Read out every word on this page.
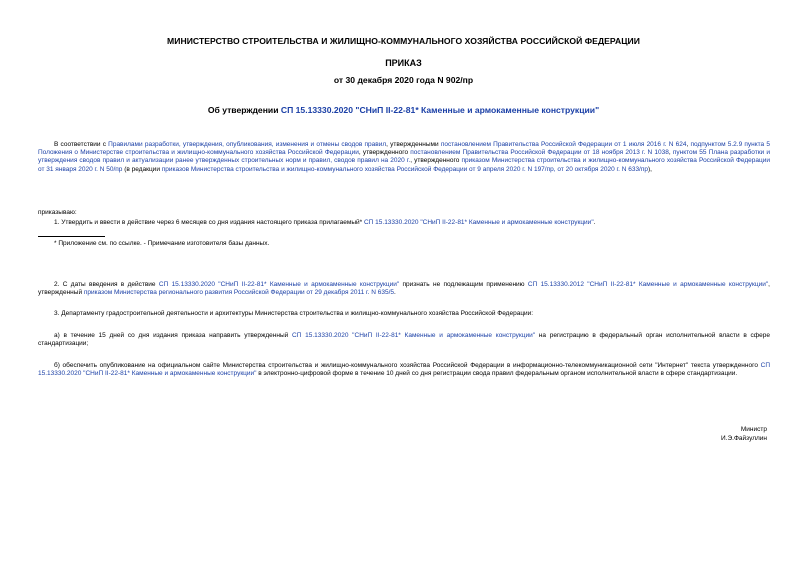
МИНИСТЕРСТВО СТРОИТЕЛЬСТВА И ЖИЛИЩНО-КОММУНАЛЬНОГО ХОЗЯЙСТВА РОССИЙСКОЙ ФЕДЕРАЦИИ
ПРИКАЗ
от 30 декабря 2020 года N 902/пр
Об утверждении СП 15.13330.2020 "СНиП II-22-81* Каменные и армокаменные конструкции"
В соответствии с Правилами разработки, утверждения, опубликования, изменения и отмены сводов правил, утвержденными постановлением Правительства Российской Федерации от 1 июля 2016 г. N 624, подпунктом 5.2.9 пункта 5 Положения о Министерстве строительства и жилищно-коммунального хозяйства Российской Федерации, утвержденного постановлением Правительства Российской Федерации от 18 ноября 2013 г. N 1038, пунктом 55 Плана разработки и утверждения сводов правил и актуализации ранее утвержденных строительных норм и правил, сводов правил на 2020 г., утвержденного приказом Министерства строительства и жилищно-коммунального хозяйства Российской Федерации от 31 января 2020 г. N 50/пр (в редакции приказов Министерства строительства и жилищно-коммунального хозяйства Российской Федерации от 9 апреля 2020 г. N 197/пр, от 20 октября 2020 г. N 633/пр),
приказываю:
1. Утвердить и ввести в действие через 6 месяцев со дня издания настоящего приказа прилагаемый* СП 15.13330.2020 "СНиП II-22-81* Каменные и армокаменные конструкции".
* Приложение см. по ссылке. - Примечание изготовителя базы данных.
2. С даты введения в действие СП 15.13330.2020 "СНиП II-22-81* Каменные и армокаменные конструкции" признать не подлежащим применению СП 15.13330.2012 "СНиП II-22-81* Каменные и армокаменные конструкции", утвержденный приказом Министерства регионального развития Российской Федерации от 29 декабря 2011 г. N 635/5.
3. Департаменту градостроительной деятельности и архитектуры Министерства строительства и жилищно-коммунального хозяйства Российской Федерации:
а) в течение 15 дней со дня издания приказа направить утвержденный СП 15.13330.2020 "СНиП II-22-81* Каменные и армокаменные конструкции" на регистрацию в федеральный орган исполнительной власти в сфере стандартизации;
б) обеспечить опубликование на официальном сайте Министерства строительства и жилищно-коммунального хозяйства Российской Федерации в информационно-телекоммуникационной сети "Интернет" текста утвержденного СП 15.13330.2020 "СНиП II-22-81* Каменные и армокаменные конструкции" в электронно-цифровой форме в течение 10 дней со дня регистрации свода правил федеральным органом исполнительной власти в сфере стандартизации.
Министр
И.Э.Файзуллин
